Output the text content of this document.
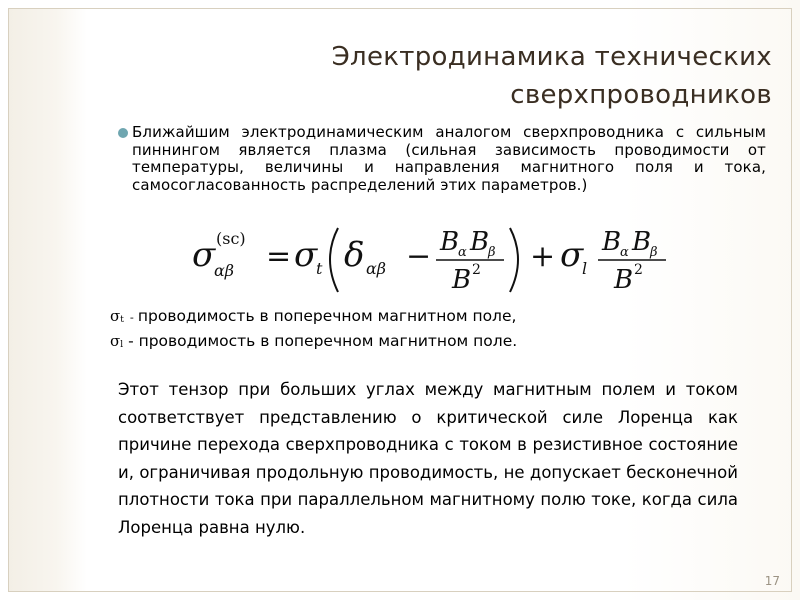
Электродинамика технических
сверхпроводников
Ближайшим электродинамическим аналогом сверхпроводника с сильным пиннингом является плазма (сильная зависимость проводимости от температуры, величины и направления магнитного поля и тока, самосогласованность распределений этих параметров.)
σ (sc)
αβ = σ
t δ αβ − B
α B
β
B 2 + σ
l
B
α B
β
B 2
σt - проводимость в поперечном магнитном поле,
σl - проводимость в поперечном магнитном поле.
Этот тензор при больших углах между магнитным полем и током соответствует представлению о критической силе Лоренца как причине перехода сверхпроводника с током в резистивное состояние и, ограничивая продольную проводимость, не допускает бесконечной плотности тока при параллельном магнитному полю токе, когда сила Лоренца равна нулю.
17
